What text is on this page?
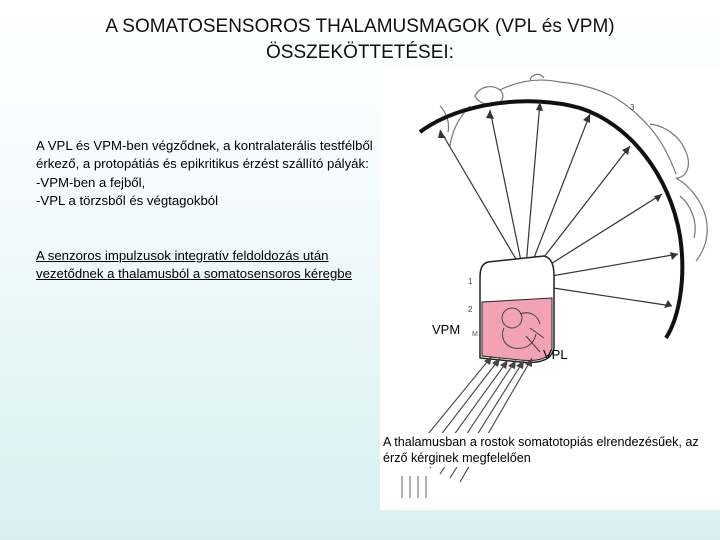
A SOMATOSENSOROS THALAMUSMAGOK (VPL és VPM)
ÖSSZEKÖTTETÉSEI:
1
2
3
M

A VPL és VPM-ben végződnek, a kontralaterális testfélből érkező, a protopátiás és epikritikus érzést szállító pályák:

-VPM-ben a fejből,

-VPL a törzsből és végtagokból

A senzoros impulzusok integratív feldoldozás után vezetődnek a thalamusból a somatosensoros kéregbe

VPM
VPL
A thalamusban a rostok somatotopiás elrendezésűek, az érző kérginek megfelelően
